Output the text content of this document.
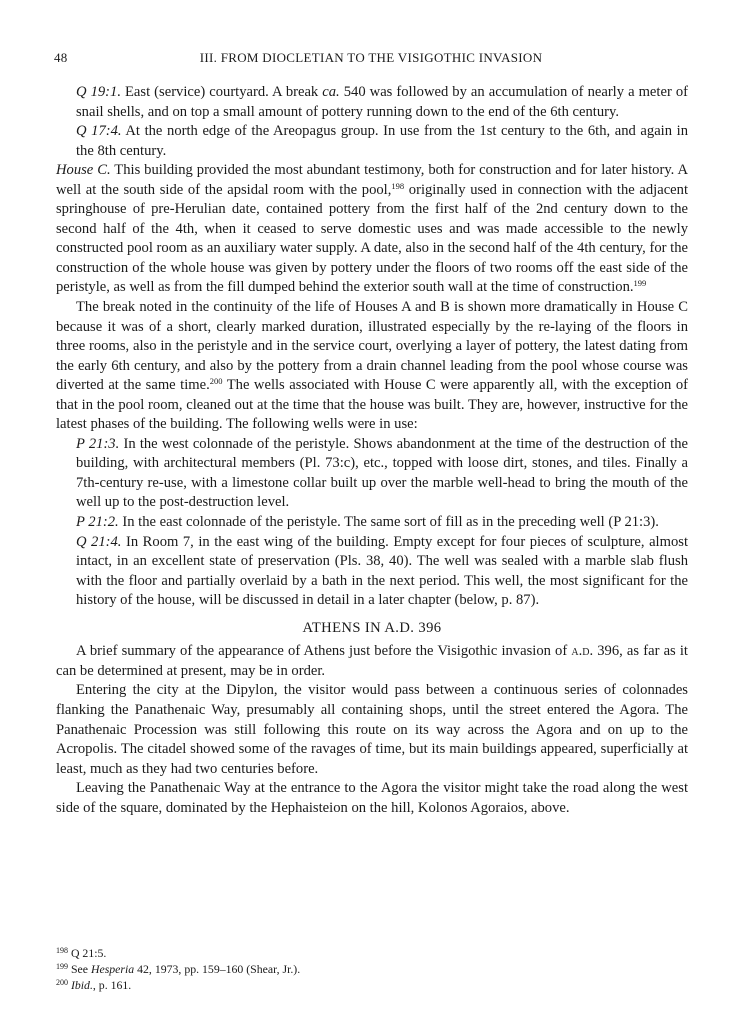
48	III. FROM DIOCLETIAN TO THE VISIGOTHIC INVASION

Q 19:1. East (service) courtyard. A break ca. 540 was followed by an accumulation of nearly a meter of snail shells, and on top a small amount of pottery running down to the end of the 6th century.

Q 17:4. At the north edge of the Areopagus group. In use from the 1st century to the 6th, and again in the 8th century.

House C. This building provided the most abundant testimony, both for construction and for later history. A well at the south side of the apsidal room with the pool,$^{198}$ originally used in connection with the adjacent springhouse of pre-Herulian date, contained pottery from the first half of the 2nd century down to the second half of the 4th, when it ceased to serve domestic uses and was made accessible to the newly constructed pool room as an auxiliary water supply. A date, also in the second half of the 4th century, for the construction of the whole house was given by pottery under the floors of two rooms off the east side of the peristyle, as well as from the fill dumped behind the exterior south wall at the time of construction.$^{199}$

The break noted in the continuity of the life of Houses A and B is shown more dramatically in House C because it was of a short, clearly marked duration, illustrated especially by the re-laying of the floors in three rooms, also in the peristyle and in the service court, overlying a layer of pottery, the latest dating from the early 6th century, and also by the pottery from a drain channel leading from the pool whose course was diverted at the same time.$^{200}$ The wells associated with House C were apparently all, with the exception of that in the pool room, cleaned out at the time that the house was built. They are, however, instructive for the latest phases of the building. The following wells were in use:

P 21:3. In the west colonnade of the peristyle. Shows abandonment at the time of the destruction of the building, with architectural members (Pl. 73:c), etc., topped with loose dirt, stones, and tiles. Finally a 7th-century re-use, with a limestone collar built up over the marble well-head to bring the mouth of the well up to the post-destruction level.

P 21:2. In the east colonnade of the peristyle. The same sort of fill as in the preceding well (P 21:3).

Q 21:4. In Room 7, in the east wing of the building. Empty except for four pieces of sculpture, almost intact, in an excellent state of preservation (Pls. 38, 40). The well was sealed with a marble slab flush with the floor and partially overlaid by a bath in the next period. This well, the most significant for the history of the house, will be discussed in detail in a later chapter (below, p. 87).

ATHENS IN A.D. 396

A brief summary of the appearance of Athens just before the Visigothic invasion of a.d. 396, as far as it can be determined at present, may be in order.

Entering the city at the Dipylon, the visitor would pass between a continuous series of colonnades flanking the Panathenaic Way, presumably all containing shops, until the street entered the Agora. The Panathenaic Procession was still following this route on its way across the Agora and on up to the Acropolis. The citadel showed some of the ravages of time, but its main buildings appeared, superficially at least, much as they had two centuries before.

Leaving the Panathenaic Way at the entrance to the Agora the visitor might take the road along the west side of the square, dominated by the Hephaisteion on the hill, Kolonos Agoraios, above.

$^{198}$ Q 21:5.

$^{199}$ See Hesperia 42, 1973, pp. 159–160 (Shear, Jr.).

$^{200}$ Ibid., p. 161.
